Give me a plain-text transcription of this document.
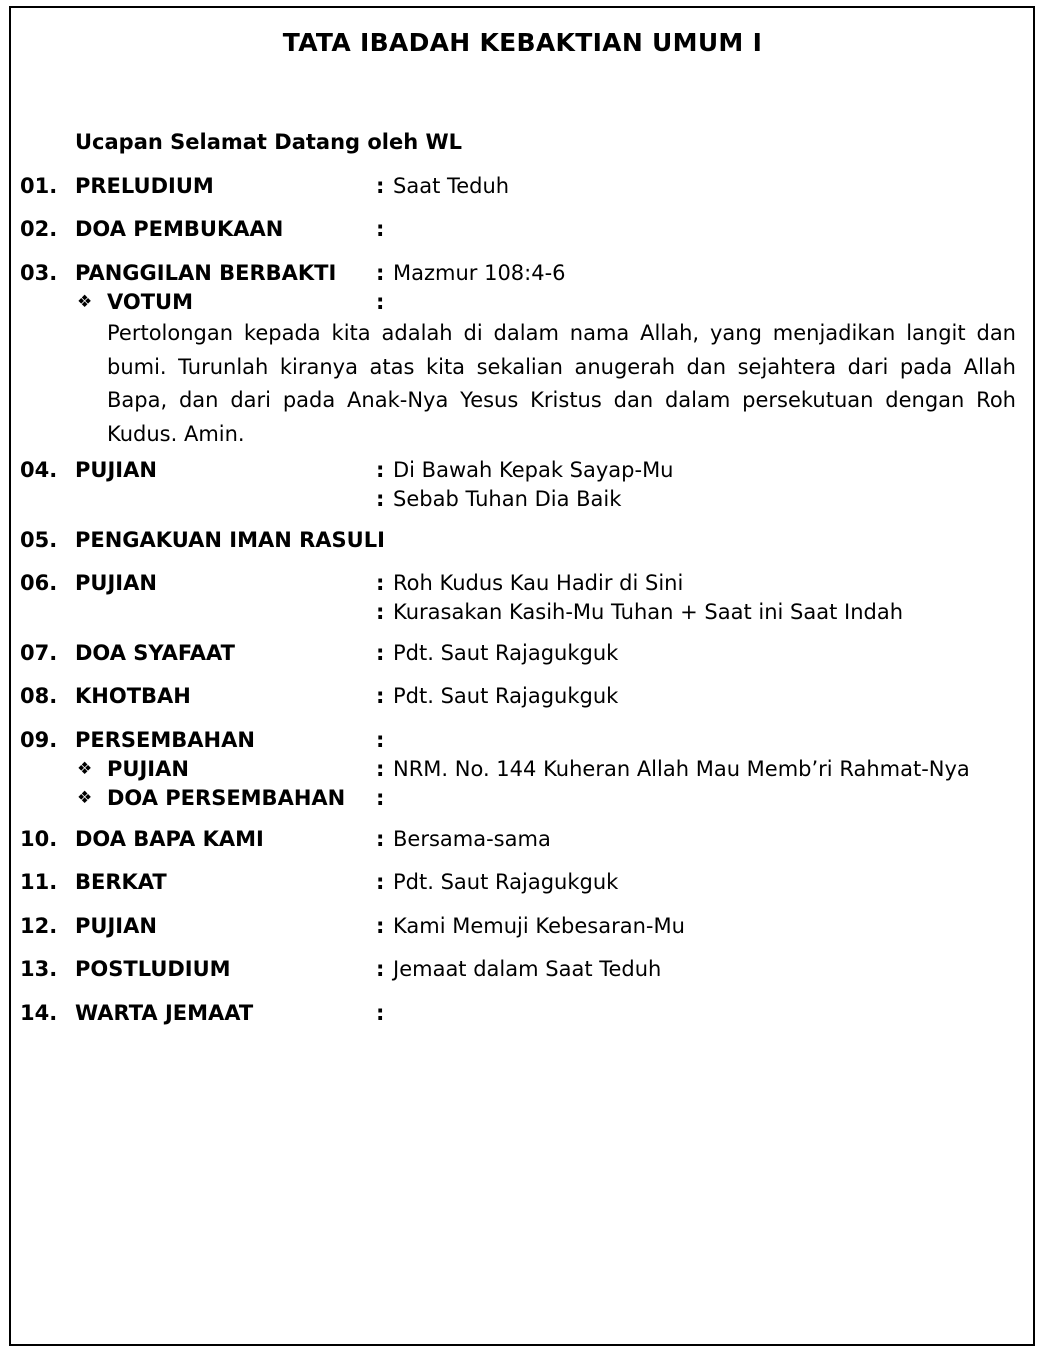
TATA IBADAH KEBAKTIAN UMUM I
Ucapan Selamat Datang oleh WL
01. PRELUDIUM	: Saat Teduh
02. DOA PEMBUKAAN	:
03. PANGGILAN BERBAKTI : Mazmur 108:4-6
❖ VOTUM	:
Pertolongan kepada kita adalah di dalam nama Allah, yang menjadikan langit dan bumi. Turunlah kiranya atas kita sekalian anugerah dan sejahtera dari pada Allah Bapa, dan dari pada Anak-Nya Yesus Kristus dan dalam persekutuan dengan Roh Kudus. Amin.
04. PUJIAN	: Di Bawah Kepak Sayap-Mu
: Sebab Tuhan Dia Baik
05. PENGAKUAN IMAN RASULI
06. PUJIAN	: Roh Kudus Kau Hadir di Sini
: Kurasakan Kasih-Mu Tuhan + Saat ini Saat Indah
07. DOA SYAFAAT	: Pdt. Saut Rajagukguk
08. KHOTBAH	: Pdt. Saut Rajagukguk
09. PERSEMBAHAN	:
❖ PUJIAN	: NRM. No. 144 Kuheran Allah Mau Memb’ri Rahmat-Nya
❖ DOA PERSEMBAHAN :
10. DOA BAPA KAMI	: Bersama-sama
11. BERKAT	: Pdt. Saut Rajagukguk
12. PUJIAN	: Kami Memuji Kebesaran-Mu
13. POSTLUDIUM	: Jemaat dalam Saat Teduh
14. WARTA JEMAAT	:
